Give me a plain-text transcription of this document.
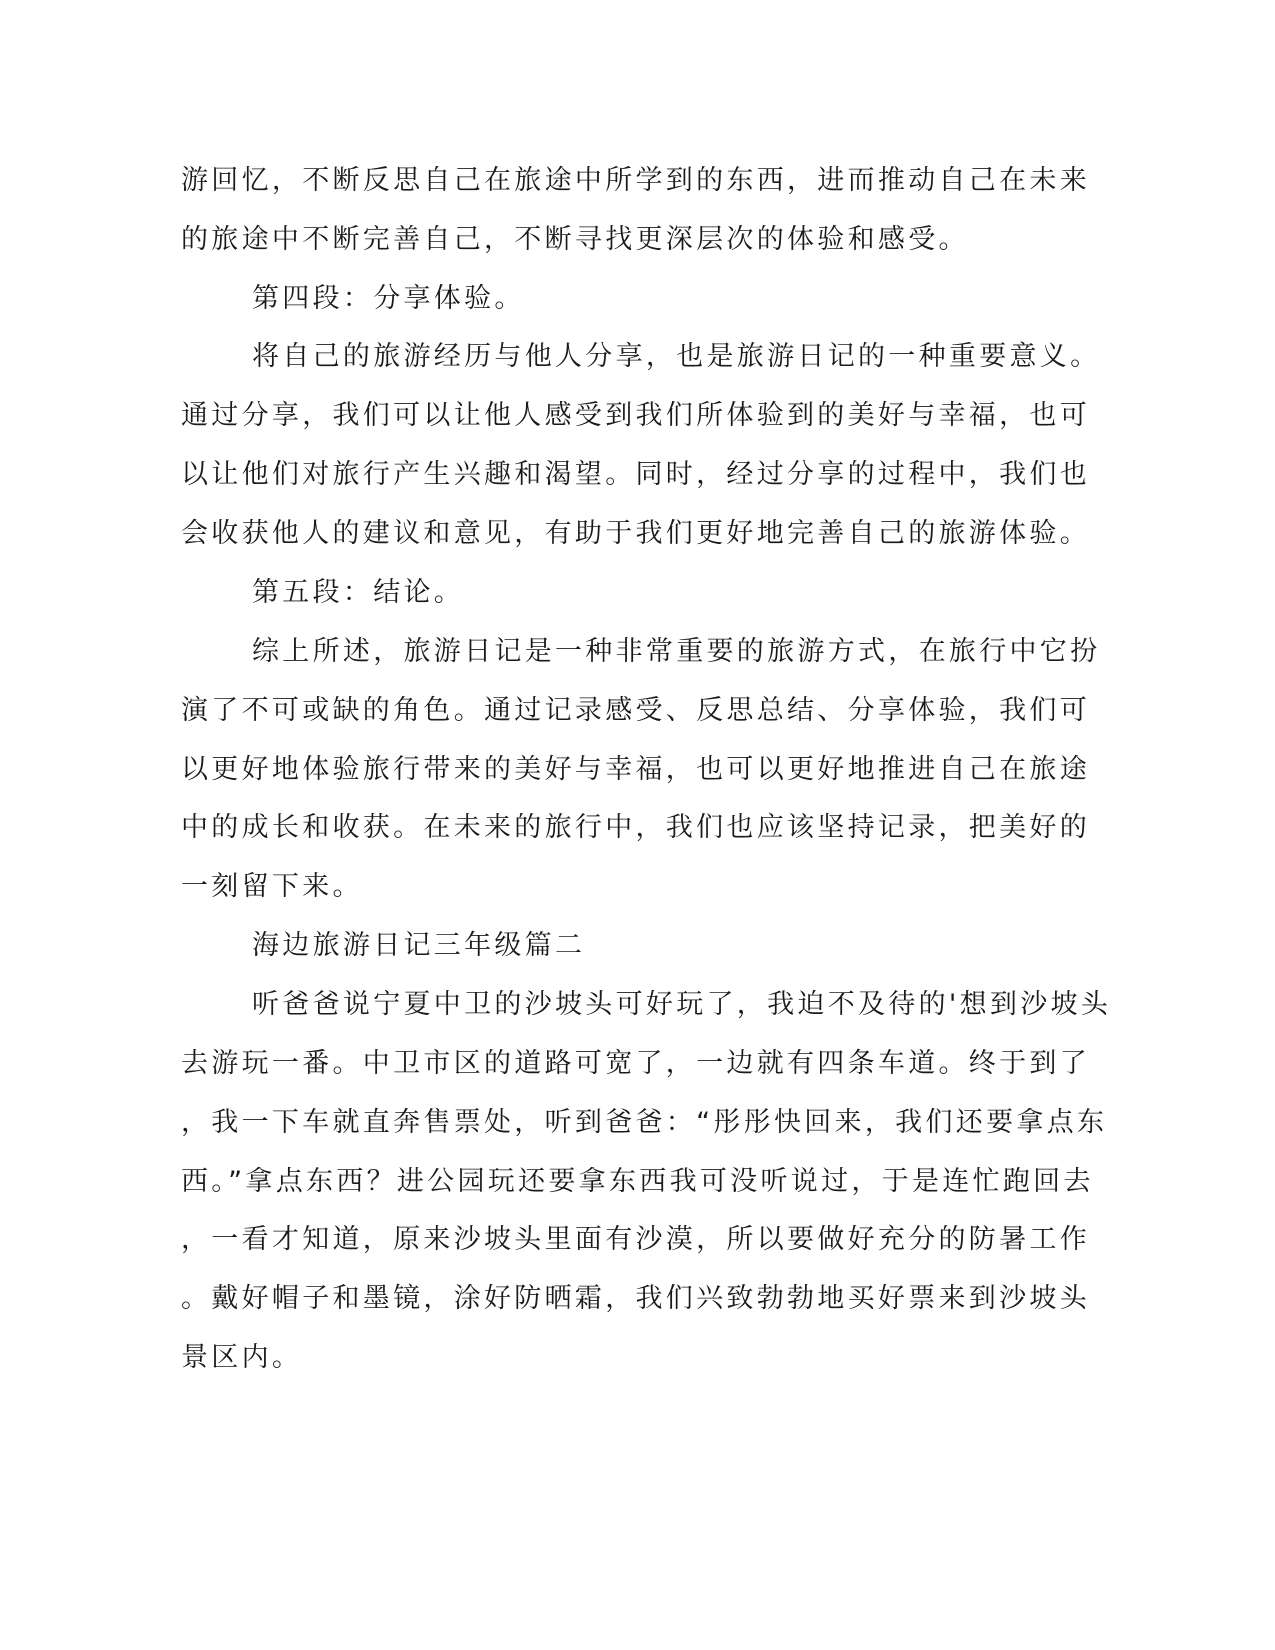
游回忆，不断反思自己在旅途中所学到的东西，进而推动自己在未来
的旅途中不断完善自己，不断寻找更深层次的体验和感受。
第四段：分享体验。
将自己的旅游经历与他人分享，也是旅游日记的一种重要意义。
通过分享，我们可以让他人感受到我们所体验到的美好与幸福，也可
以让他们对旅行产生兴趣和渴望。同时，经过分享的过程中，我们也
会收获他人的建议和意见，有助于我们更好地完善自己的旅游体验。
第五段：结论。
综上所述，旅游日记是一种非常重要的旅游方式，在旅行中它扮
演了不可或缺的角色。通过记录感受、反思总结、分享体验，我们可
以更好地体验旅行带来的美好与幸福，也可以更好地推进自己在旅途
中的成长和收获。在未来的旅行中，我们也应该坚持记录，把美好的
一刻留下来。
海边旅游日记三年级篇二
听爸爸说宁夏中卫的沙坡头可好玩了，我迫不及待的'想到沙坡头
去游玩一番。中卫市区的道路可宽了，一边就有四条车道。终于到了
，我一下车就直奔售票处，听到爸爸：“彤彤快回来，我们还要拿点东
西。”拿点东西？进公园玩还要拿东西我可没听说过，于是连忙跑回去
，一看才知道，原来沙坡头里面有沙漠，所以要做好充分的防暑工作
。戴好帽子和墨镜，涂好防晒霜，我们兴致勃勃地买好票来到沙坡头
景区内。
